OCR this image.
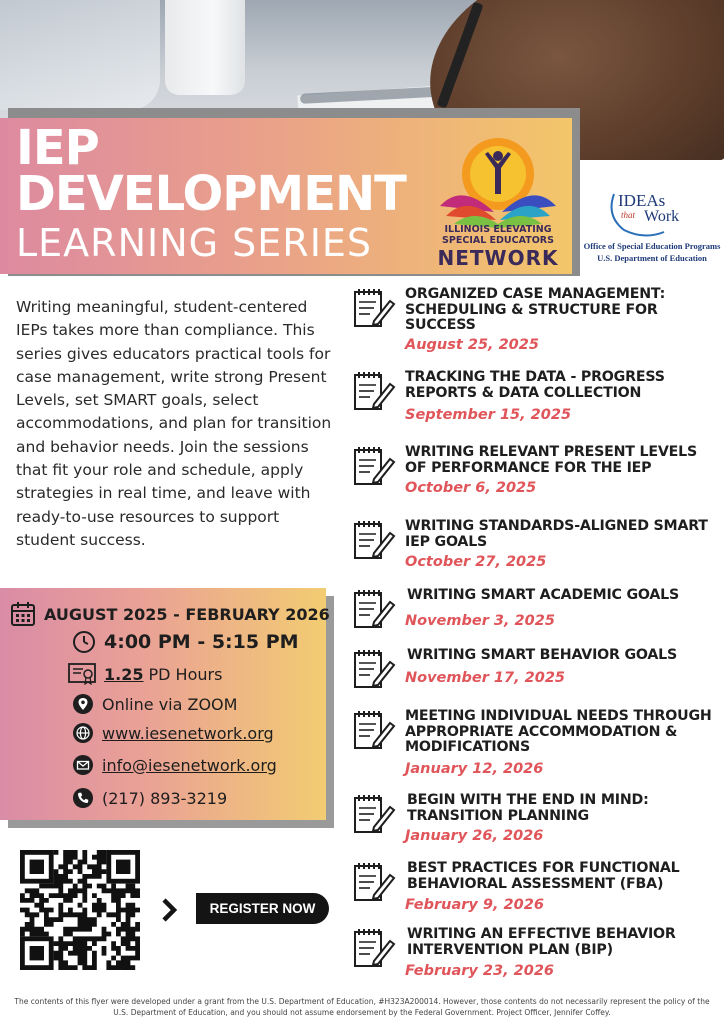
IEP
DEVELOPMENT
LEARNING SERIES	ILLINOIS ELEVATING
SPECIAL EDUCATORS
NETWORK
IDEAs
that Work
Office of Special Education Programs
U.S. Department of Education

Writing meaningful, student-centered IEPs takes more than compliance. This series gives educators practical tools for case management, write strong Present Levels, set SMART goals, select accommodations, and plan for transition and behavior needs. Join the sessions that fit your role and schedule, apply strategies in real time, and leave with ready-to-use resources to support student success.

AUGUST 2025 - FEBRUARY 2026
4:00 PM - 5:15 PM
1.25 PD Hours
Online via ZOOM
www.iesenetwork.org
info@iesenetwork.org
(217) 893-3219
REGISTER NOW
ORGANIZED CASE MANAGEMENT: SCHEDULING & STRUCTURE FOR SUCCESS
August 25, 2025
TRACKING THE DATA - PROGRESS REPORTS & DATA COLLECTION
September 15, 2025
WRITING RELEVANT PRESENT LEVELS OF PERFORMANCE FOR THE IEP
October 6, 2025
WRITING STANDARDS-ALIGNED SMART IEP GOALS
October 27, 2025
WRITING SMART ACADEMIC GOALS
November 3, 2025
WRITING SMART BEHAVIOR GOALS
November 17, 2025
MEETING INDIVIDUAL NEEDS THROUGH APPROPRIATE ACCOMMODATION & MODIFICATIONS
January 12, 2026
BEGIN WITH THE END IN MIND: TRANSITION PLANNING
January 26, 2026
BEST PRACTICES FOR FUNCTIONAL BEHAVIORAL ASSESSMENT (FBA)
February 9, 2026
WRITING AN EFFECTIVE BEHAVIOR INTERVENTION PLAN (BIP)
February 23, 2026

The contents of this flyer were developed under a grant from the U.S. Department of Education, #H323A200014. However, those contents do not necessarily represent the policy of the U.S. Department of Education, and you should not assume endorsement by the Federal Government. Project Officer, Jennifer Coffey.
